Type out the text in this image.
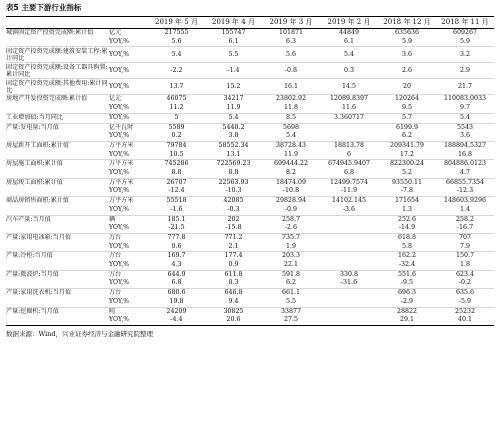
表5 主要下游行业指标
		2019 年 5 月	2019 年 4 月	2019 年 3 月	2019 年 2 月	2018 年 12 月	2018 年 11 月
城镇固定资产投资完成额:累计值	亿元	217555	155747	101871	44849	635636	609267
	YOY,%	5.6	6.1	6.3	6.1	5.9	5.9
固定资产投资完成额:建筑安装工程:累计同比	YOY,%	5.4	5.5	5.6	5.4	3.6	3.2
固定资产投资完成额:设备工器具购置:累计同比	YOY,%	-2.2	-1.4	-0.8	0.3	2.6	2.9
固定资产投资完成额:其他费用:累计同比	YOY,%	13.7	15.2	16.1	14.5	20	21.7
房地产开发投资完成额:累计值	亿元	46075	34217	23802.92	12089.8397	120264	110083.0033
	YOY,%	11.2	11.9	11.8	11.6	9.5	9.7
工业增加值:当月同比	YOY,%	5	5.4	8.5	3.360717	5.7	5.4
产量:发电量:当月值	亿千瓦时	5589	5440.2	5698		6199.9	5543
	YOY,%	0.2	3.8	5.4		6.2	3.6
房屋新开工面积:累计值	万平方米	79784	58552.34	38728.43	18813.78	209341.79	188894.5327
	YOY,%	10.5	13.1	11.9	6	17.2	16.8
房屋施工面积:累计值	万平方米	745286	722569.23	699444.22	674945.9407	822300.24	804886.0123
	YOY,%	8.8	8.8	8.2	6.8	5.2	4.7
房屋竣工面积:累计值	万平方米	26707	22563.93	18474.09	12499.7574	93550.11	66855.7354
	YOY,%	-12.4	-10.3	-10.8	-11.9	-7.8	-12.3
商品房销售面积:累计值	万平方米	55518	42085	29828.94	14102.145	171654	148603.9296
	YOY,%	-1.6	-0.3	-0.9	-3.6	1.3	1.4
汽车产量:当月值	辆	185.1	202	258.7		252.6	258.2
	YOY,%	-21.5	-15.8	-2.6		-14.9	-16.7
产量:家用电冰箱:当月值	万台	777.8	771.2	735.7		618.8	707
	YOY,%	0.6	2.1	1.9		5.8	7.9
产量:冷柜:当月值	万台	169.7	177.4	203.3		162.2	150.7
	YOY,%	4.3	0.9	22.1		-32.4	1.8
产量:微波炉:当月值	万台	644.9	611.8	591.8	330.8	551.6	623.4
	YOY,%	6.8	8.3	6.2	-31.6	-9.5	-0.2
产量:家用洗衣机:当月值	万台	680.6	646.8	661.1		696.3	635.6
	YOY,%	19.8	9.4	5.5		-2.9	-5.9
产量:挖掘机:当月值	吨	24209	30825	33877		28822	25232
	YOY,%	-4.4	20.6	27.5		29.1	40.1
数据来源：Wind，兴业证券经济与金融研究院整理
